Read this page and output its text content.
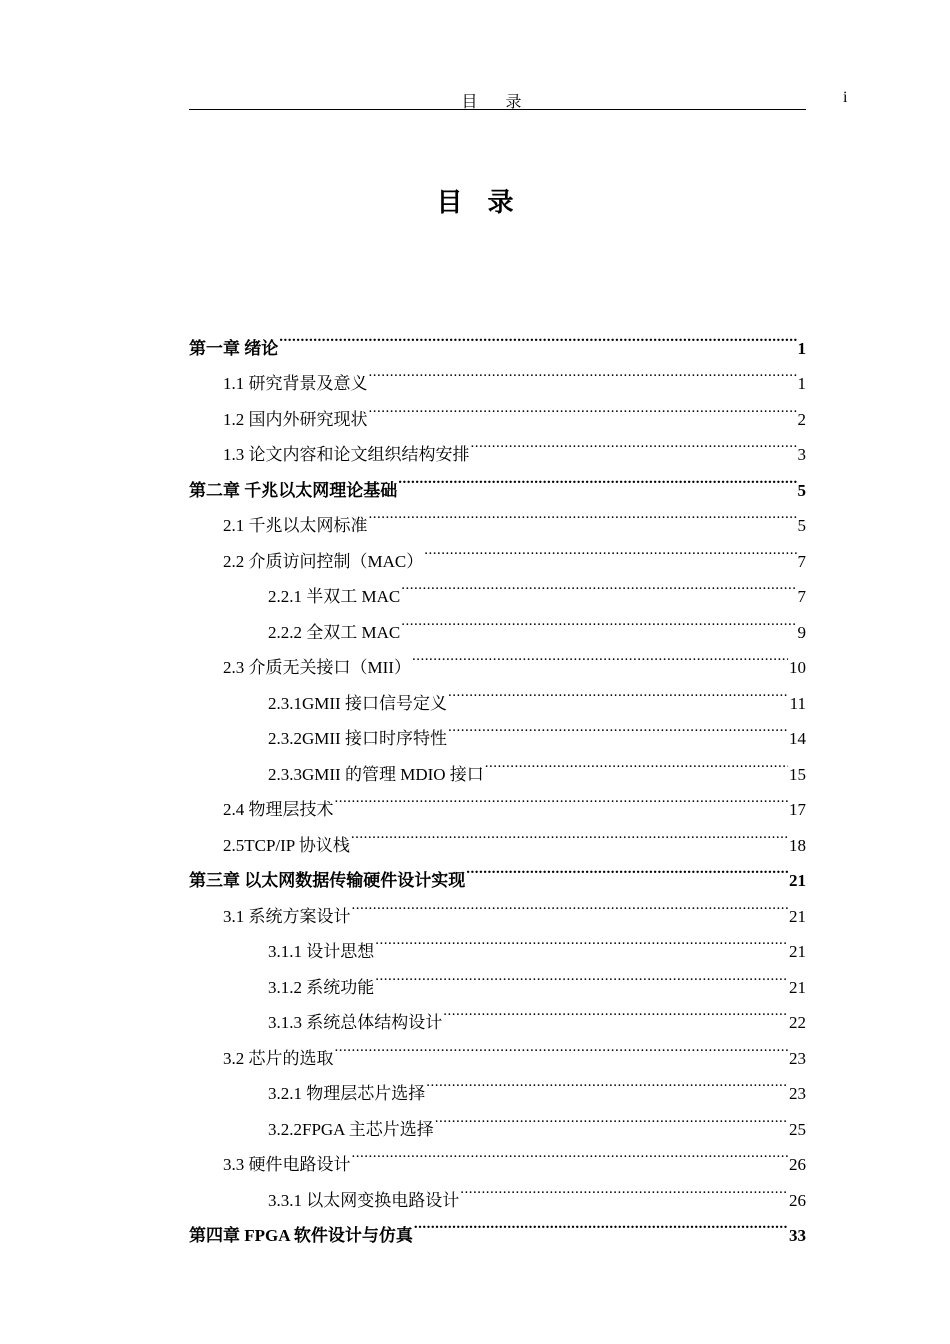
目 录	i
目 录
第一章 绪论 .....	1
1.1 研究背景及意义 .....	1
1.2 国内外研究现状 .....	2
1.3 论文内容和论文组织结构安排 .....	3
第二章 千兆以太网理论基础 .....	5
2.1 千兆以太网标准 .....	5
2.2 介质访问控制（MAC） .....	7
2.2.1 半双工 MAC .....	7
2.2.2 全双工 MAC .....	9
2.3 介质无关接口（MII） .....	10
2.3.1GMII 接口信号定义 .....	11
2.3.2GMII 接口时序特性 .....	14
2.3.3GMII 的管理 MDIO 接口 .....	15
2.4 物理层技术 .....	17
2.5TCP/IP 协议栈 .....	18
第三章 以太网数据传输硬件设计实现 .....	21
3.1 系统方案设计 .....	21
3.1.1 设计思想 .....	21
3.1.2 系统功能 .....	21
3.1.3 系统总体结构设计 .....	22
3.2 芯片的选取 .....	23
3.2.1 物理层芯片选择 .....	23
3.2.2FPGA 主芯片选择 .....	25
3.3 硬件电路设计 .....	26
3.3.1 以太网变换电路设计 .....	26
第四章 FPGA 软件设计与仿真 .....	33
